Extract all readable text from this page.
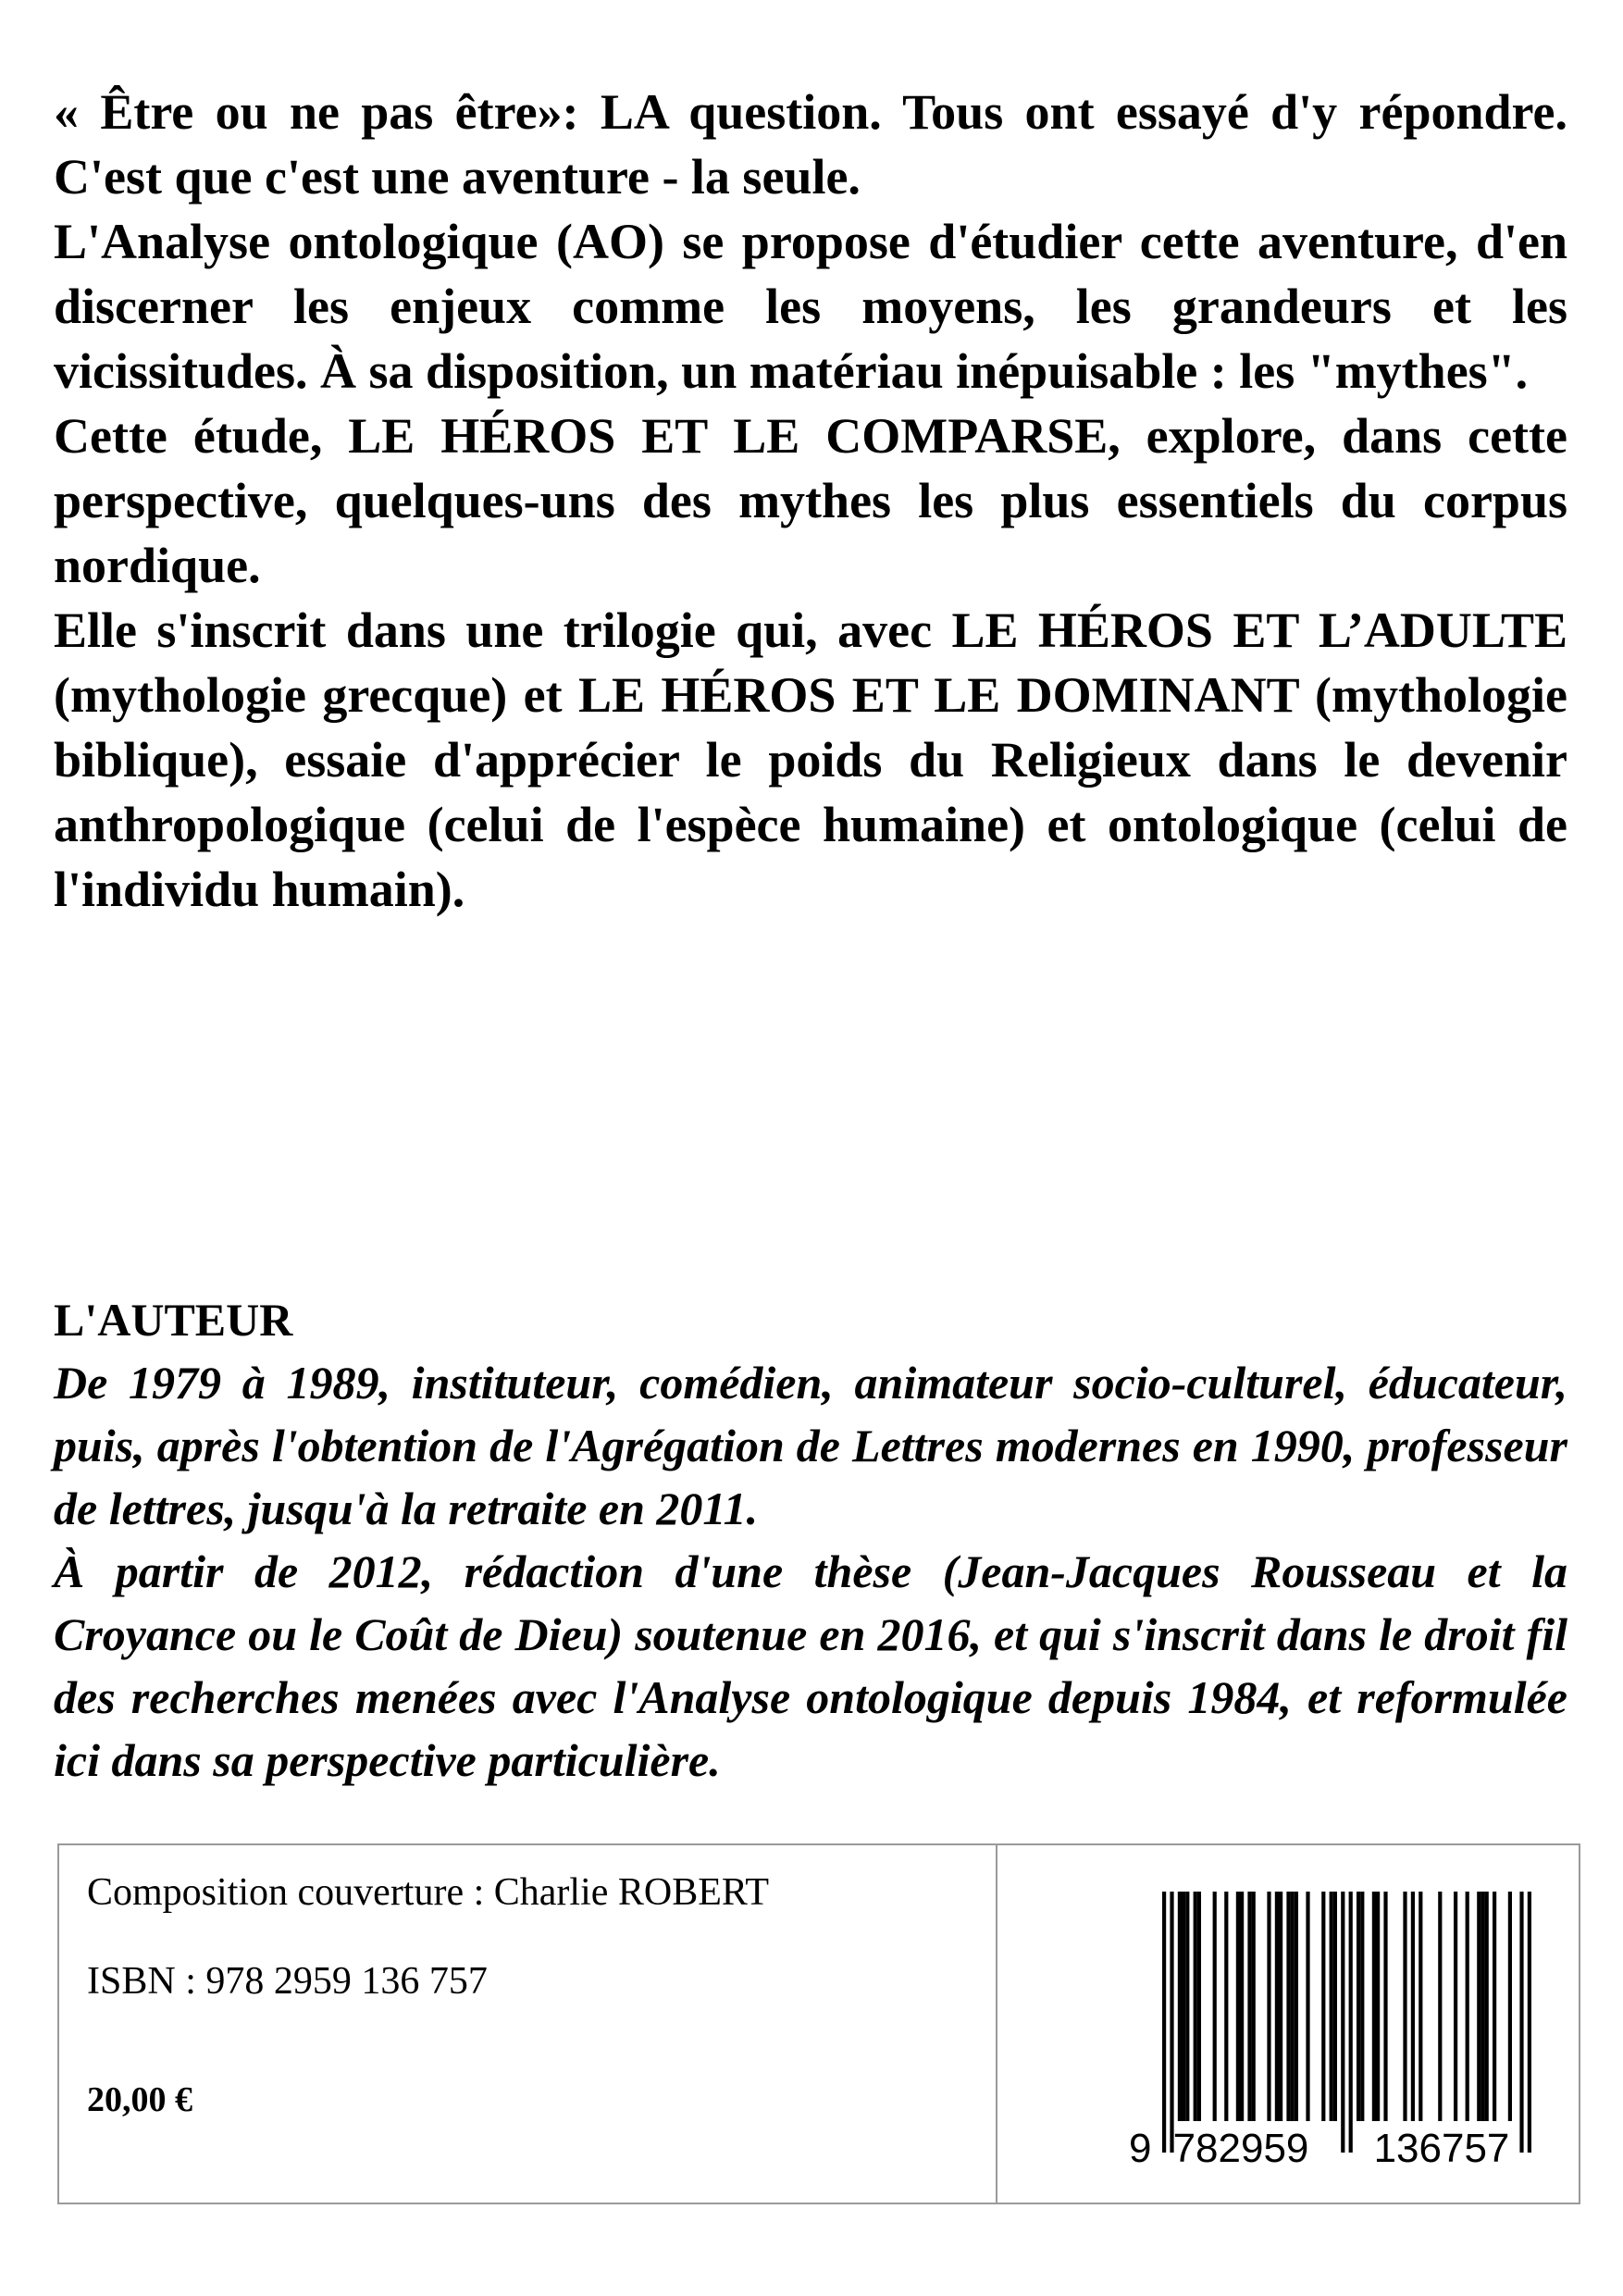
« Être ou ne pas être»: LA question. Tous ont essayé d'y répondre. C'est que c'est une aventure - la seule.

L'Analyse ontologique (AO) se propose d'étudier cette aventure, d'en discerner les enjeux comme les moyens, les grandeurs et les vicissitudes. À sa disposition, un matériau inépuisable : les "mythes".

Cette étude, LE HÉROS ET LE COMPARSE, explore, dans cette perspective, quelques-uns des mythes les plus essentiels du corpus nordique.

Elle s'inscrit dans une trilogie qui, avec LE HÉROS ET L’ADULTE (mythologie grecque) et LE HÉROS ET LE DOMINANT (mythologie biblique), essaie d'apprécier le poids du Religieux dans le devenir anthropologique (celui de l'espèce humaine) et ontologique (celui de l'individu humain).

L'AUTEUR

De 1979 à 1989, instituteur, comédien, animateur socio-culturel, éducateur, puis, après l'obtention de l'Agrégation de Lettres modernes en 1990, professeur de lettres, jusqu'à la retraite en 2011.

À partir de 2012, rédaction d'une thèse (Jean-Jacques Rousseau et la Croyance ou le Coût de Dieu) soutenue en 2016, et qui s'inscrit dans le droit fil des recherches menées avec l'Analyse ontologique depuis 1984, et reformulée ici dans sa perspective particulière.

Composition couverture : Charlie ROBERT

ISBN : 978 2959 136 757

20,00 €

9 782959 136757
